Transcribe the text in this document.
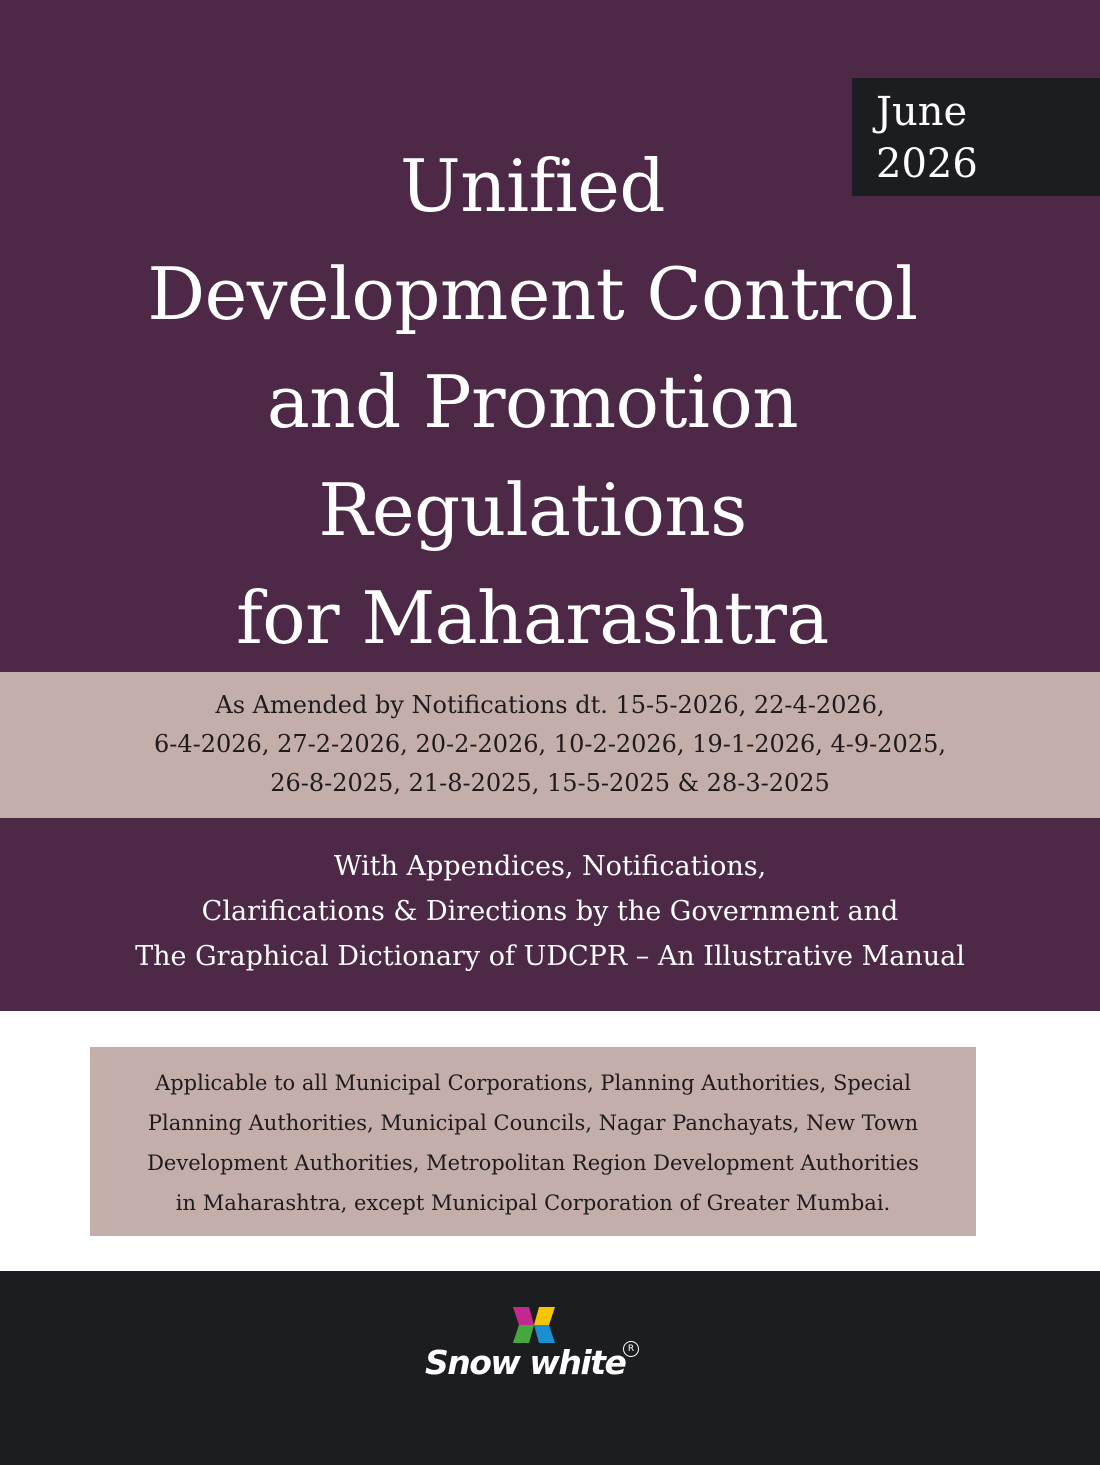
June
2026
Unified
Development Control
and Promotion
Regulations
for Maharashtra
As Amended by Notifications dt. 15-5-2026, 22-4-2026,
6-4-2026, 27-2-2026, 20-2-2026, 10-2-2026, 19-1-2026, 4-9-2025,
26-8-2025, 21-8-2025, 15-5-2025 & 28-3-2025
With Appendices, Notifications,
Clarifications & Directions by the Government and
The Graphical Dictionary of UDCPR – An Illustrative Manual
Applicable to all Municipal Corporations, Planning Authorities, Special
Planning Authorities, Municipal Councils, Nagar Panchayats, New Town
Development Authorities, Metropolitan Region Development Authorities
in Maharashtra, except Municipal Corporation of Greater Mumbai.
Snow white R
